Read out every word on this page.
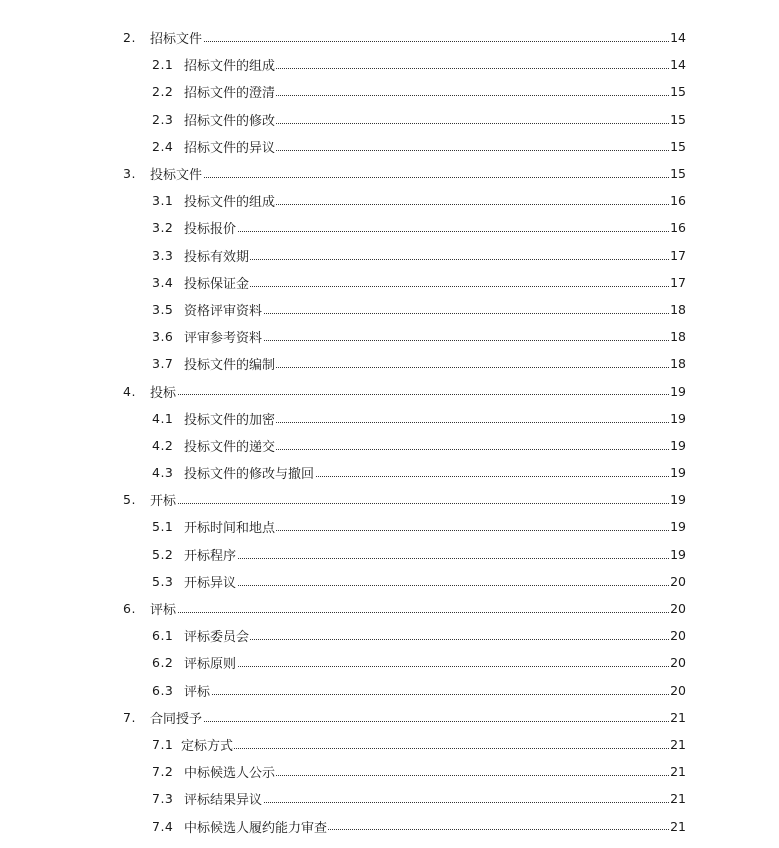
2. 招标文件	14
2.1 招标文件的组成	14
2.2 招标文件的澄清	15
2.3 招标文件的修改	15
2.4 招标文件的异议	15
3. 投标文件	15
3.1 投标文件的组成	16
3.2 投标报价	16
3.3 投标有效期	17
3.4 投标保证金	17
3.5 资格评审资料	18
3.6 评审参考资料	18
3.7 投标文件的编制	18
4. 投标	19
4.1 投标文件的加密	19
4.2 投标文件的递交	19
4.3 投标文件的修改与撤回	19
5. 开标	19
5.1 开标时间和地点	19
5.2 开标程序	19
5.3 开标异议	20
6. 评标	20
6.1 评标委员会	20
6.2 评标原则	20
6.3 评标	20
7. 合同授予	21
7.1 定标方式	21
7.2 中标候选人公示	21
7.3 评标结果异议	21
7.4 中标候选人履约能力审查	21
